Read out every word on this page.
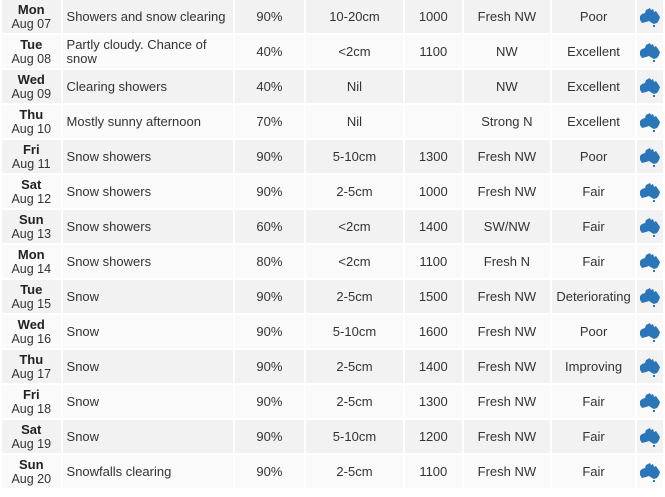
Mon
Aug 07	Showers and snow clearing	90%	10-20cm	1000	Fresh NW	Poor	

Tue
Aug 08	Partly cloudy. Chance of snow	40%	<2cm	1100	NW	Excellent	

Wed
Aug 09	Clearing showers	40%	Nil		NW	Excellent	

Thu
Aug 10	Mostly sunny afternoon	70%	Nil		Strong N	Excellent	

Fri
Aug 11	Snow showers	90%	5-10cm	1300	Fresh NW	Poor	

Sat
Aug 12	Snow showers	90%	2-5cm	1000	Fresh NW	Fair	

Sun
Aug 13	Snow showers	60%	<2cm	1400	SW/NW	Fair	

Mon
Aug 14	Snow showers	80%	<2cm	1100	Fresh N	Fair	

Tue
Aug 15	Snow	90%	2-5cm	1500	Fresh NW	Deteriorating	

Wed
Aug 16	Snow	90%	5-10cm	1600	Fresh NW	Poor	

Thu
Aug 17	Snow	90%	2-5cm	1400	Fresh NW	Improving	

Fri
Aug 18	Snow	90%	2-5cm	1300	Fresh NW	Fair	

Sat
Aug 19	Snow	90%	5-10cm	1200	Fresh NW	Fair	

Sun
Aug 20	Snowfalls clearing	90%	2-5cm	1100	Fresh NW	Fair	
